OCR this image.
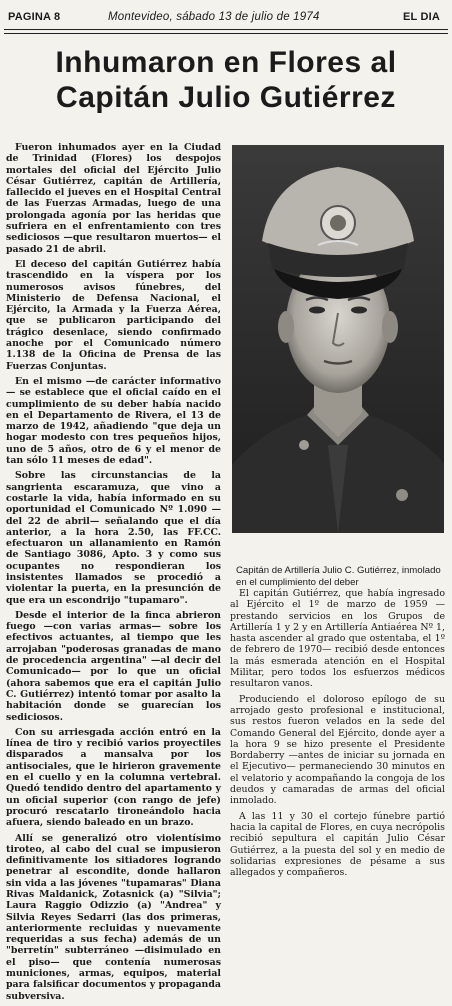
PAGINA 8	Montevideo, sábado 13 de julio de 1974	EL DIA
Inhumaron en Flores al
Capitán Julio Gutiérrez

Fueron inhumados ayer en la Ciudad de Trinidad (Flores) los despojos mortales del oficial del Ejército Julio César Gutiérrez, capitán de Artillería, fallecido el jueves en el Hospital Central de las Fuerzas Armadas, luego de una prolongada agonía por las heridas que sufriera en el enfrentamiento con tres sediciosos —que resultaron muertos— el pasado 21 de abril.

El deceso del capitán Gutiérrez había trascendido en la víspera por los numerosos avisos fúnebres, del Ministerio de Defensa Nacional, el Ejército, la Armada y la Fuerza Aérea, que se publicaron participando del trágico desenlace, siendo confirmado anoche por el Comunicado número 1.138 de la Oficina de Prensa de las Fuerzas Conjuntas.

En el mismo —de carácter informativo— se establece que el oficial caído en el cumplimiento de su deber había nacido en el Departamento de Rivera, el 13 de marzo de 1942, añadiendo "que deja un hogar modesto con tres pequeños hijos, uno de 5 años, otro de 6 y el menor de tan sólo 11 meses de edad".

Sobre las circunstancias de la sangrienta escaramuza, que vino a costarle la vida, había informado en su oportunidad el Comunicado Nº 1.090 —del 22 de abril— señalando que el día anterior, a la hora 2.50, las FF.CC. efectuaron un allanamiento en Ramón de Santiago 3086, Apto. 3 y como sus ocupantes no respondieran los insistentes llamados se procedió a violentar la puerta, en la presunción de que era un escondrijo "tupamaro".

Desde el interior de la finca abrieron fuego —con varias armas— sobre los efectivos actuantes, al tiempo que les arrojaban "poderosas granadas de mano de procedencia argentina" —al decir del Comunicado— por lo que un oficial (ahora sabemos que era el capitán Julio C. Gutiérrez) intentó tomar por asalto la habitación donde se guarecían los sediciosos.

Con su arriesgada acción entró en la línea de tiro y recibió varios proyectiles disparados a mansalva por los antisociales, que le hirieron gravemente en el cuello y en la columna vertebral. Quedó tendido dentro del apartamento y un oficial superior (con rango de jefe) procuró rescatarlo tironeándolo hacia afuera, siendo baleado en un brazo.

Allí se generalizó otro violentísimo tiroteo, al cabo del cual se impusieron definitivamente los sitiadores logrando penetrar al escondite, donde hallaron sin vida a las jóvenes "tupamaras" Diana Rivas Maldanick, Zotasnick (a) "Silvia"; Laura Raggio Odizzio (a) "Andrea" y Silvia Reyes Sedarri (las dos primeras, anteriormente recluidas y nuevamente requeridas a sus fecha) además de un "berretín" subterráneo —disimulado en el piso— que contenía numerosas municiones, armas, equipos, material para falsificar documentos y propaganda subversiva.

Capitán de Artillería Julio C. Gutiérrez, inmolado en el cumplimiento del deber

El capitán Gutiérrez, que había ingresado al Ejército el 1º de marzo de 1959 —prestando servicios en los Grupos de Artillería 1 y 2 y en Artillería Antiaérea Nº 1, hasta ascender al grado que ostentaba, el 1º de febrero de 1970— recibió desde entonces la más esmerada atención en el Hospital Militar, pero todos los esfuerzos médicos resultaron vanos.

Produciendo el doloroso epílogo de su arrojado gesto profesional e institucional, sus restos fueron velados en la sede del Comando General del Ejército, donde ayer a la hora 9 se hizo presente el Presidente Bordaberry —antes de iniciar su jornada en el Ejecutivo— permaneciendo 30 minutos en el velatorio y acompañando la congoja de los deudos y camaradas de armas del oficial inmolado.

A las 11 y 30 el cortejo fúnebre partió hacia la capital de Flores, en cuya necrópolis recibió sepultura el capitán Julio César Gutiérrez, a la puesta del sol y en medio de solidarias expresiones de pésame a sus allegados y compañeros.
